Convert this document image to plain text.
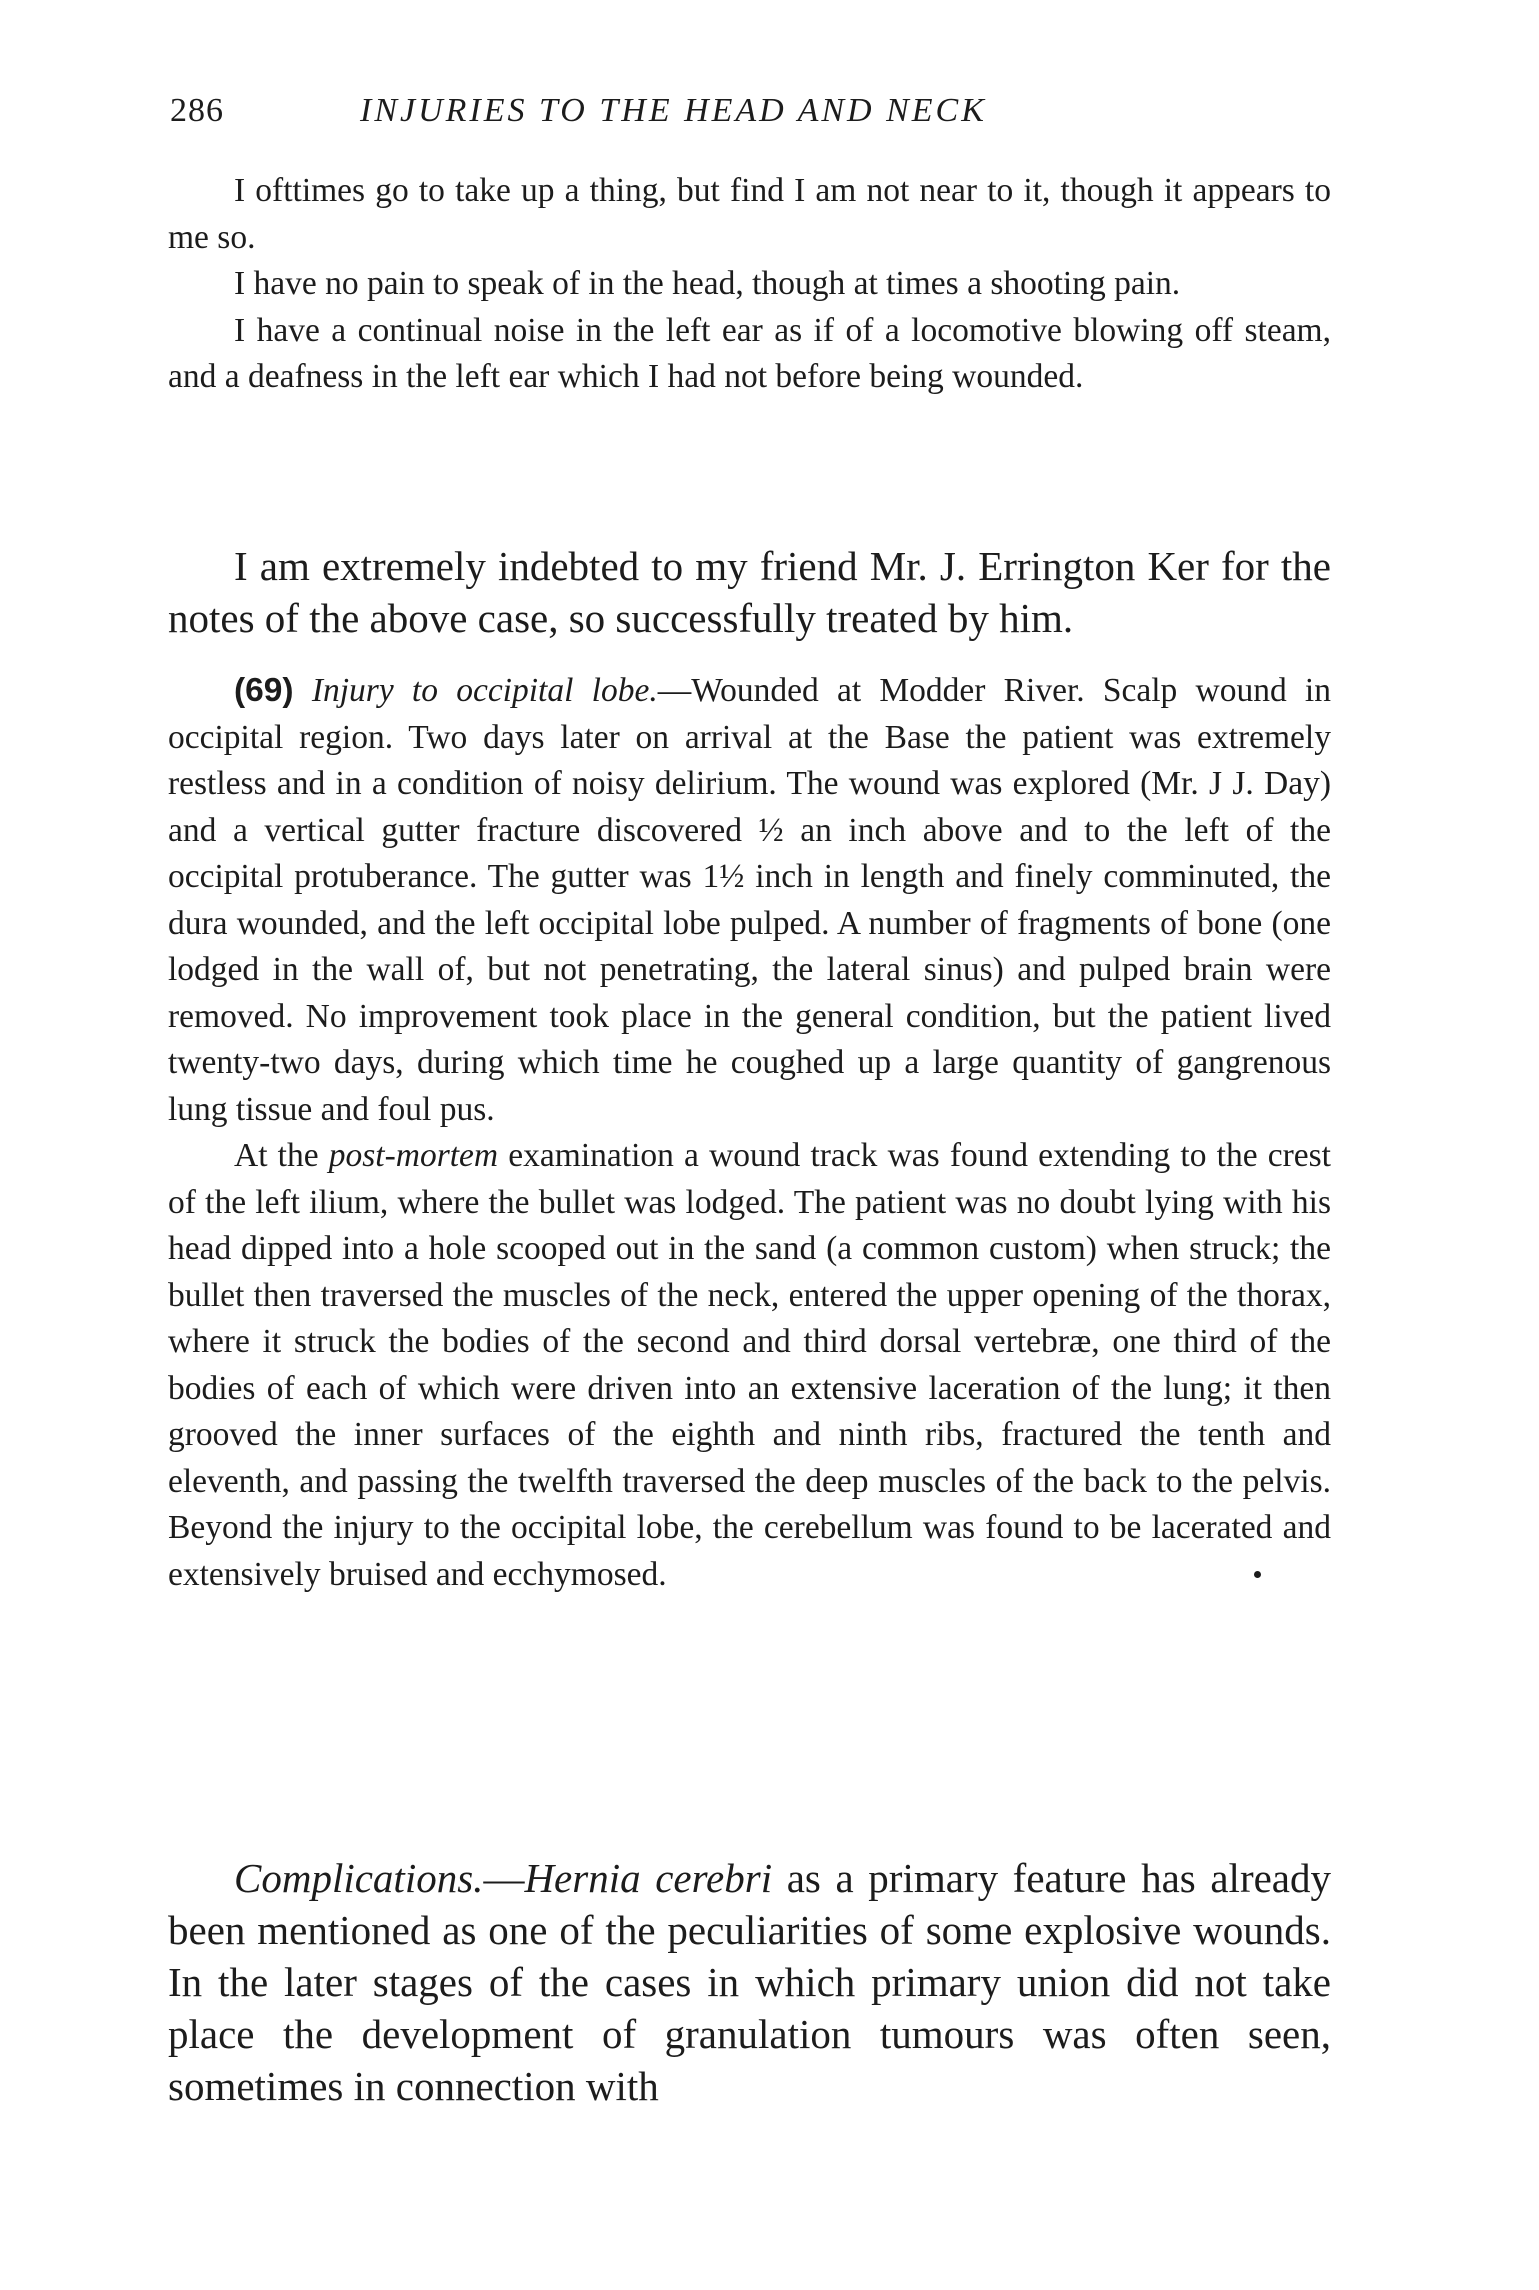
286	INJURIES TO THE HEAD AND NECK

I ofttimes go to take up a thing, but find I am not near to it, though it appears to me so.

I have no pain to speak of in the head, though at times a shooting pain.

I have a continual noise in the left ear as if of a locomotive blowing off steam, and a deafness in the left ear which I had not before being wounded.

I am extremely indebted to my friend Mr. J. Errington Ker for the notes of the above case, so successfully treated by him.

(69) Injury to occipital lobe.—Wounded at Modder River. Scalp wound in occipital region. Two days later on arrival at the Base the patient was extremely restless and in a condition of noisy delirium. The wound was explored (Mr. J J. Day) and a vertical gutter fracture discovered ½ an inch above and to the left of the occipital protuberance. The gutter was 1½ inch in length and finely comminuted, the dura wounded, and the left occipital lobe pulped. A number of fragments of bone (one lodged in the wall of, but not penetrating, the lateral sinus) and pulped brain were removed. No improvement took place in the general condition, but the patient lived twenty-two days, during which time he coughed up a large quantity of gangrenous lung tissue and foul pus.

At the post-mortem examination a wound track was found extending to the crest of the left ilium, where the bullet was lodged. The patient was no doubt lying with his head dipped into a hole scooped out in the sand (a common custom) when struck; the bullet then traversed the muscles of the neck, entered the upper opening of the thorax, where it struck the bodies of the second and third dorsal vertebræ, one third of the bodies of each of which were driven into an extensive laceration of the lung; it then grooved the inner surfaces of the eighth and ninth ribs, fractured the tenth and eleventh, and passing the twelfth traversed the deep muscles of the back to the pelvis. Beyond the injury to the occipital lobe, the cerebellum was found to be lacerated and extensively bruised and ecchymosed.

Complications.—Hernia cerebri as a primary feature has already been mentioned as one of the peculiarities of some explosive wounds. In the later stages of the cases in which primary union did not take place the development of granulation tumours was often seen, sometimes in connection with
